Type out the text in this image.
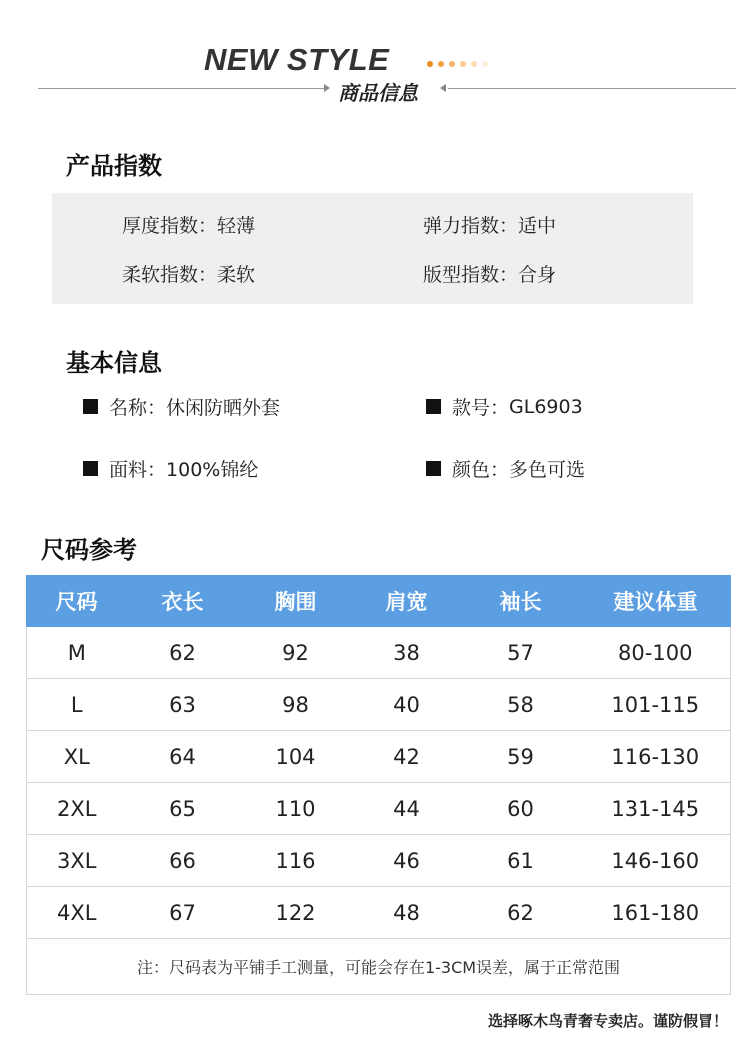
NEW STYLE
商品信息
产品指数
厚度指数：轻薄	弹力指数：适中
柔软指数：柔软	版型指数：合身
基本信息
名称： 休闲防晒外套	款号： GL6903
面料： 100%锦纶	颜色： 多色可选
尺码参考
尺码	衣长	胸围	肩宽	袖长	建议体重
M	62	92	38	57	80-100
L	63	98	40	58	101-115
XL	64	104	42	59	116-130
2XL	65	110	44	60	131-145
3XL	66	116	46	61	146-160
4XL	67	122	48	62	161-180
注：尺码表为平铺手工测量，可能会存在1-3CM误差，属于正常范围					
选择啄木鸟青奢专卖店。谨防假冒！
